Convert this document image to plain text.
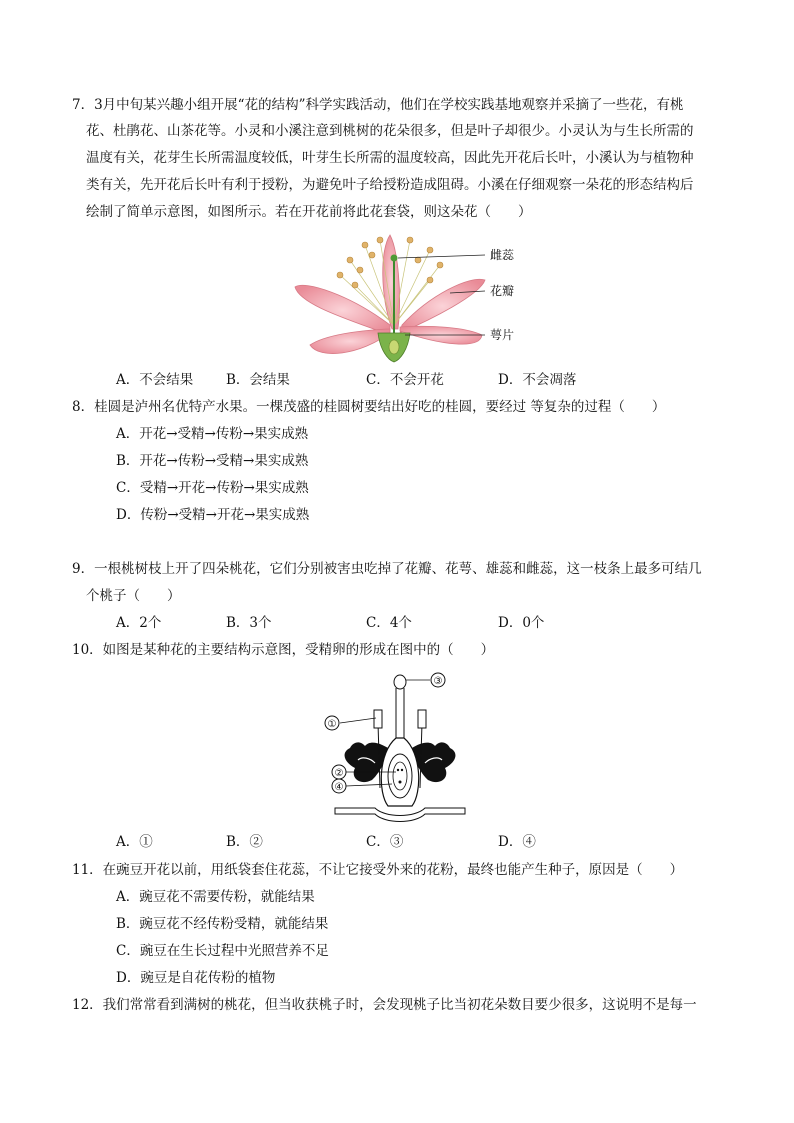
7．3月中旬某兴趣小组开展“花的结构”科学实践活动，他们在学校实践基地观察并采摘了一些花，有桃
花、杜鹃花、山茶花等。小灵和小溪注意到桃树的花朵很多，但是叶子却很少。小灵认为与生长所需的
温度有关，花芽生长所需温度较低，叶芽生长所需的温度较高，因此先开花后长叶，小溪认为与植物种
类有关，先开花后长叶有利于授粉，为避免叶子给授粉造成阻碍。小溪在仔细观察一朵花的形态结构后
绘制了简单示意图，如图所示。若在开花前将此花套袋，则这朵花（　　）
雌蕊
花瓣
萼片
A．不会结果 B．会结果	C．不会开花	D．不会凋落
8．桂圆是泸州名优特产水果。一棵茂盛的桂圆树要结出好吃的桂圆，要经过 等复杂的过程（　　）
A．开花→受精→传粉→果实成熟
B．开花→传粉→受精→果实成熟
C．受精→开花→传粉→果实成熟
D．传粉→受精→开花→果实成熟
9．一根桃树枝上开了四朵桃花，它们分别被害虫吃掉了花瓣、花萼、雄蕊和雌蕊，这一枝条上最多可结几
个桃子（　　）
A．2个	B．3个	C．4个	D．0个
10．如图是某种花的主要结构示意图，受精卵的形成在图中的（　　）
③
①
②
④
A．①	B．②	C．③	D．④
11．在豌豆开花以前，用纸袋套住花蕊，不让它接受外来的花粉，最终也能产生种子，原因是（　　）
A．豌豆花不需要传粉，就能结果
B．豌豆花不经传粉受精，就能结果
C．豌豆在生长过程中光照营养不足
D．豌豆是自花传粉的植物
12．我们常常看到满树的桃花，但当收获桃子时，会发现桃子比当初花朵数目要少很多，这说明不是每一
